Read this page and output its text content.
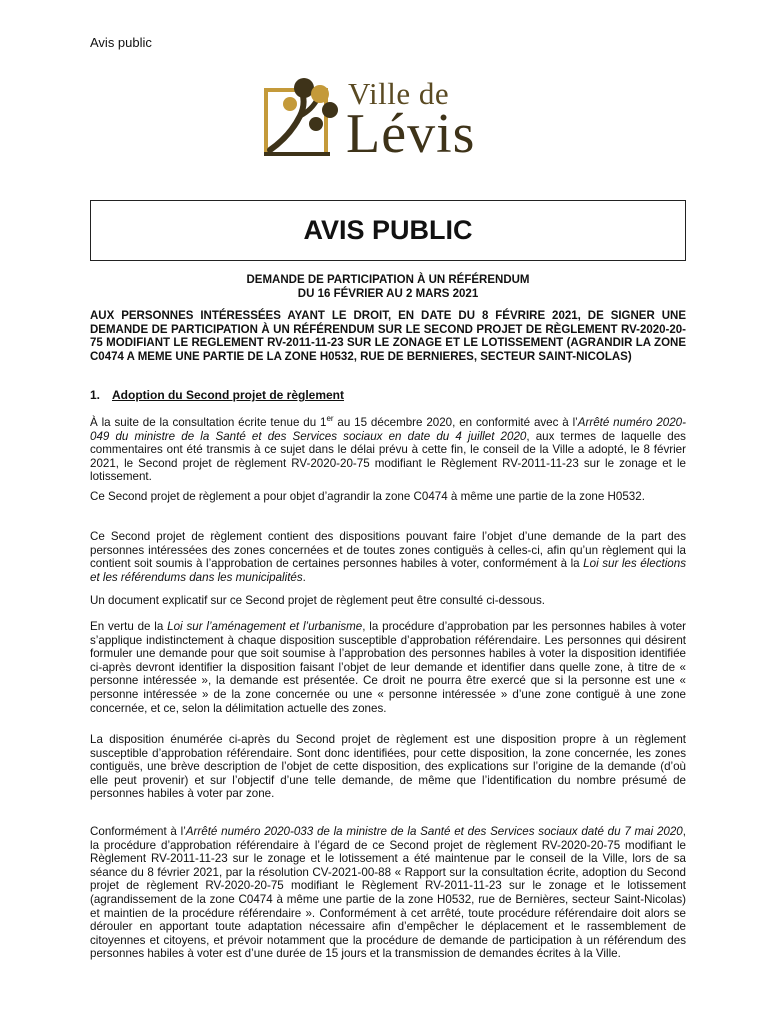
Avis public
Ville de
Lévis
AVIS PUBLIC
DEMANDE DE PARTICIPATION À UN RÉFÉRENDUM
DU 16 FÉVRIER AU 2 MARS 2021
AUX PERSONNES INTÉRESSÉES AYANT LE DROIT, EN DATE DU 8 FÉVRIRE 2021, DE SIGNER UNE DEMANDE DE PARTICIPATION À UN RÉFÉRENDUM SUR LE SECOND PROJET DE RÈGLEMENT RV-2020-20-75 MODIFIANT LE REGLEMENT RV-2011-11-23 SUR LE ZONAGE ET LE LOTISSEMENT (AGRANDIR LA ZONE C0474 A MEME UNE PARTIE DE LA ZONE H0532, RUE DE BERNIERES, SECTEUR SAINT-NICOLAS)
1. Adoption du Second projet de règlement

À la suite de la consultation écrite tenue du 1er au 15 décembre 2020, en conformité avec à l’Arrêté numéro 2020-049 du ministre de la Santé et des Services sociaux en date du 4 juillet 2020, aux termes de laquelle des commentaires ont été transmis à ce sujet dans le délai prévu à cette fin, le conseil de la Ville a adopté, le 8 février 2021, le Second projet de règlement RV-2020-20-75 modifiant le Règlement RV-2011-11-23 sur le zonage et le lotissement.

Ce Second projet de règlement a pour objet d’agrandir la zone C0474 à même une partie de la zone H0532.

Ce Second projet de règlement contient des dispositions pouvant faire l’objet d’une demande de la part des personnes intéressées des zones concernées et de toutes zones contiguës à celles-ci, afin qu’un règlement qui la contient soit soumis à l’approbation de certaines personnes habiles à voter, conformément à la Loi sur les élections et les référendums dans les municipalités.

Un document explicatif sur ce Second projet de règlement peut être consulté ci-dessous.

En vertu de la Loi sur l’aménagement et l’urbanisme, la procédure d’approbation par les personnes habiles à voter s’applique indistinctement à chaque disposition susceptible d’approbation référendaire. Les personnes qui désirent formuler une demande pour que soit soumise à l’approbation des personnes habiles à voter la disposition identifiée ci-après devront identifier la disposition faisant l’objet de leur demande et identifier dans quelle zone, à titre de « personne intéressée », la demande est présentée. Ce droit ne pourra être exercé que si la personne est une « personne intéressée » de la zone concernée ou une « personne intéressée » d’une zone contiguë à une zone concernée, et ce, selon la délimitation actuelle des zones.

La disposition énumérée ci-après du Second projet de règlement est une disposition propre à un règlement susceptible d’approbation référendaire. Sont donc identifiées, pour cette disposition, la zone concernée, les zones contiguës, une brève description de l’objet de cette disposition, des explications sur l’origine de la demande (d’où elle peut provenir) et sur l’objectif d’une telle demande, de même que l’identification du nombre présumé de personnes habiles à voter par zone.

Conformément à l’Arrêté numéro 2020-033 de la ministre de la Santé et des Services sociaux daté du 7 mai 2020, la procédure d’approbation référendaire à l’égard de ce Second projet de règlement RV-2020-20-75 modifiant le Règlement RV-2011-11-23 sur le zonage et le lotissement a été maintenue par le conseil de la Ville, lors de sa séance du 8 février 2021, par la résolution CV-2021-00-88 « Rapport sur la consultation écrite, adoption du Second projet de règlement RV-2020-20-75 modifiant le Règlement RV-2011-11-23 sur le zonage et le lotissement (agrandissement de la zone C0474 à même une partie de la zone H0532, rue de Bernières, secteur Saint-Nicolas) et maintien de la procédure référendaire ». Conformément à cet arrêté, toute procédure référendaire doit alors se dérouler en apportant toute adaptation nécessaire afin d’empêcher le déplacement et le rassemblement de citoyennes et citoyens, et prévoir notamment que la procédure de demande de participation à un référendum des personnes habiles à voter est d’une durée de 15 jours et la transmission de demandes écrites à la Ville.
